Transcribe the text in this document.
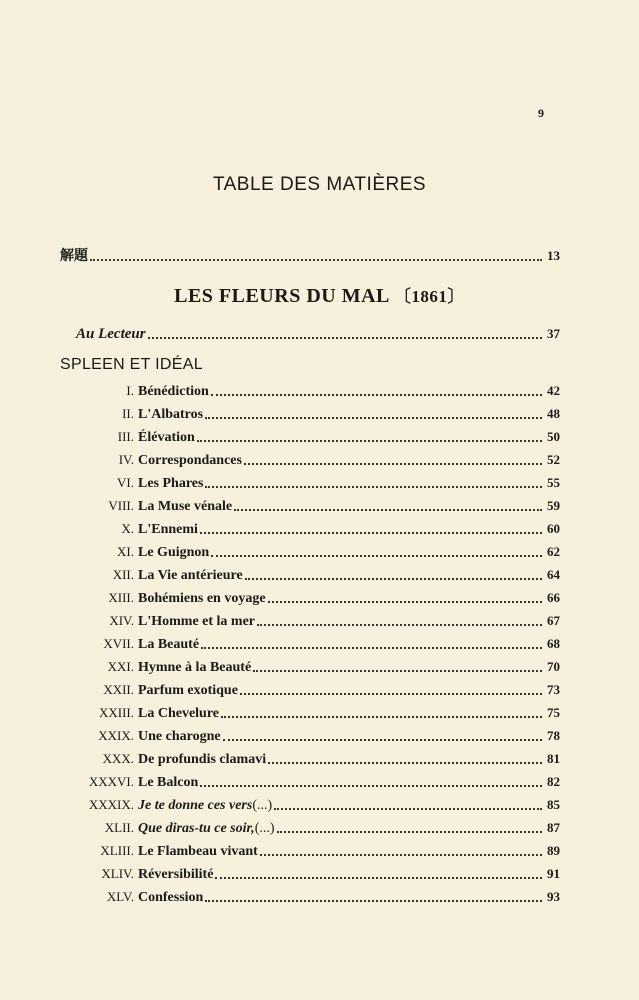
9
TABLE DES MATIÈRES
解題	13
LES FLEURS DU MAL 〔1861〕
Au Lecteur	37
SPLEEN ET IDÉAL
I. Bénédiction	42
II. L'Albatros	48
III. Élévation	50
IV. Correspondances	52
VI. Les Phares	55
VIII. La Muse vénale	59
X. L'Ennemi	60
XI. Le Guignon	62
XII. La Vie antérieure	64
XIII. Bohémiens en voyage	66
XIV. L'Homme et la mer	67
XVII. La Beauté	68
XXI. Hymne à la Beauté	70
XXII. Parfum exotique	73
XXIII. La Chevelure	75
XXIX. Une charogne	78
XXX. De profundis clamavi	81
XXXVI. Le Balcon	82
XXXIX. Je te donne ces vers (...)	85
XLII. Que diras-tu ce soir, (...)	87
XLIII. Le Flambeau vivant	89
XLIV. Réversibilité	91
XLV. Confession	93
